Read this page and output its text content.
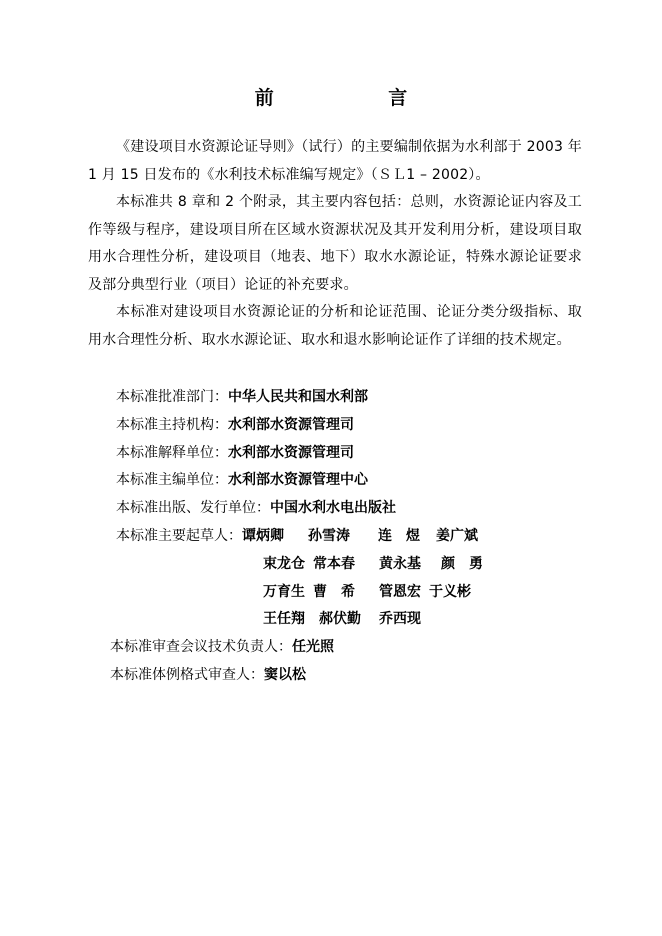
前 言
《建设项目水资源论证导则》（试行）的主要编制依据为水利部于 2003 年 1 月 15 日发布的《水利技术标准编写规定》（ＳＬ1 – 2002）。
本标准共 8 章和 2 个附录，其主要内容包括：总则，水资源论证内容及工作等级与程序，建设项目所在区域水资源状况及其开发利用分析，建设项目取用水合理性分析，建设项目（地表、地下）取水水源论证，特殊水源论证要求及部分典型行业（项目）论证的补充要求。
本标准对建设项目水资源论证的分析和论证范围、论证分类分级指标、取用水合理性分析、取水水源论证、取水和退水影响论证作了详细的技术规定。
本标准批准部门：中华人民共和国水利部
本标准主持机构：水利部水资源管理司
本标准解释单位：水利部水资源管理司
本标准主编单位：水利部水资源管理中心
本标准出版、发行单位：中国水利水电出版社
本标准主要起草人：谭炳卿 孙雪涛 连　煜 姜广斌
束龙仓 常本春 黄永基 颜　勇
万育生 曹　希 管恩宏 于义彬
王任翔 郝伏勤 乔西现
本标准审查会议技术负责人：任光照
本标准体例格式审查人：窦以松
